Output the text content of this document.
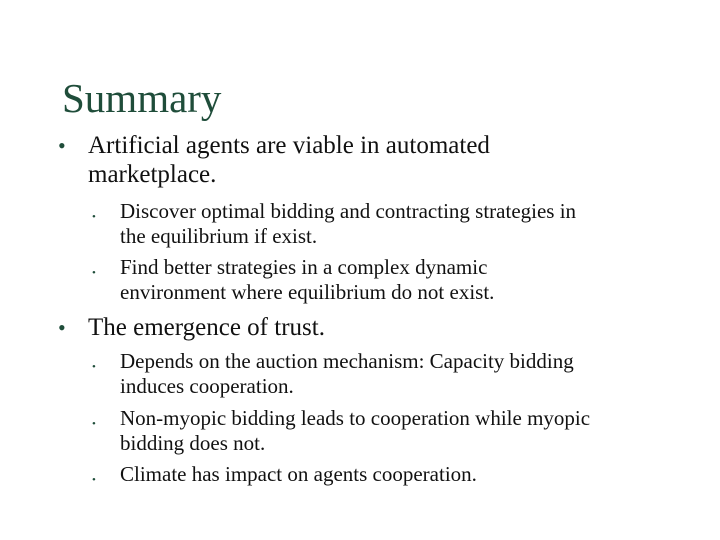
Summary
• Artificial agents are viable in automated
marketplace.
• Discover optimal bidding and contracting strategies in
the equilibrium if exist.
• Find better strategies in a complex dynamic
environment where equilibrium do not exist.
• The emergence of trust.
• Depends on the auction mechanism: Capacity bidding
induces cooperation.
• Non-myopic bidding leads to cooperation while myopic
bidding does not.
• Climate has impact on agents cooperation.
